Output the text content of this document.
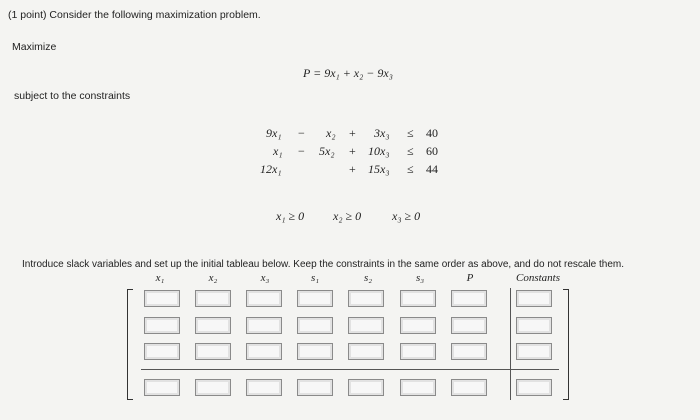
(1 point) Consider the following maximization problem.
Maximize
P = 9x₁ + x₂ − 9x₃
subject to the constraints
9x₁ − x₂ + 3x₃ ≤ 40
x₁ − 5x₂ + 10x₃ ≤ 60
12x₁	+ 15x₃ ≤ 44
x₁ ≥ 0 x₂ ≥ 0	x₃ ≥ 0
Introduce slack variables and set up the initial tableau below. Keep the constraints in the same order as above, and do not rescale them.
x₁	x₂	x₃	s₁	s₂	s₃	P	Constants
